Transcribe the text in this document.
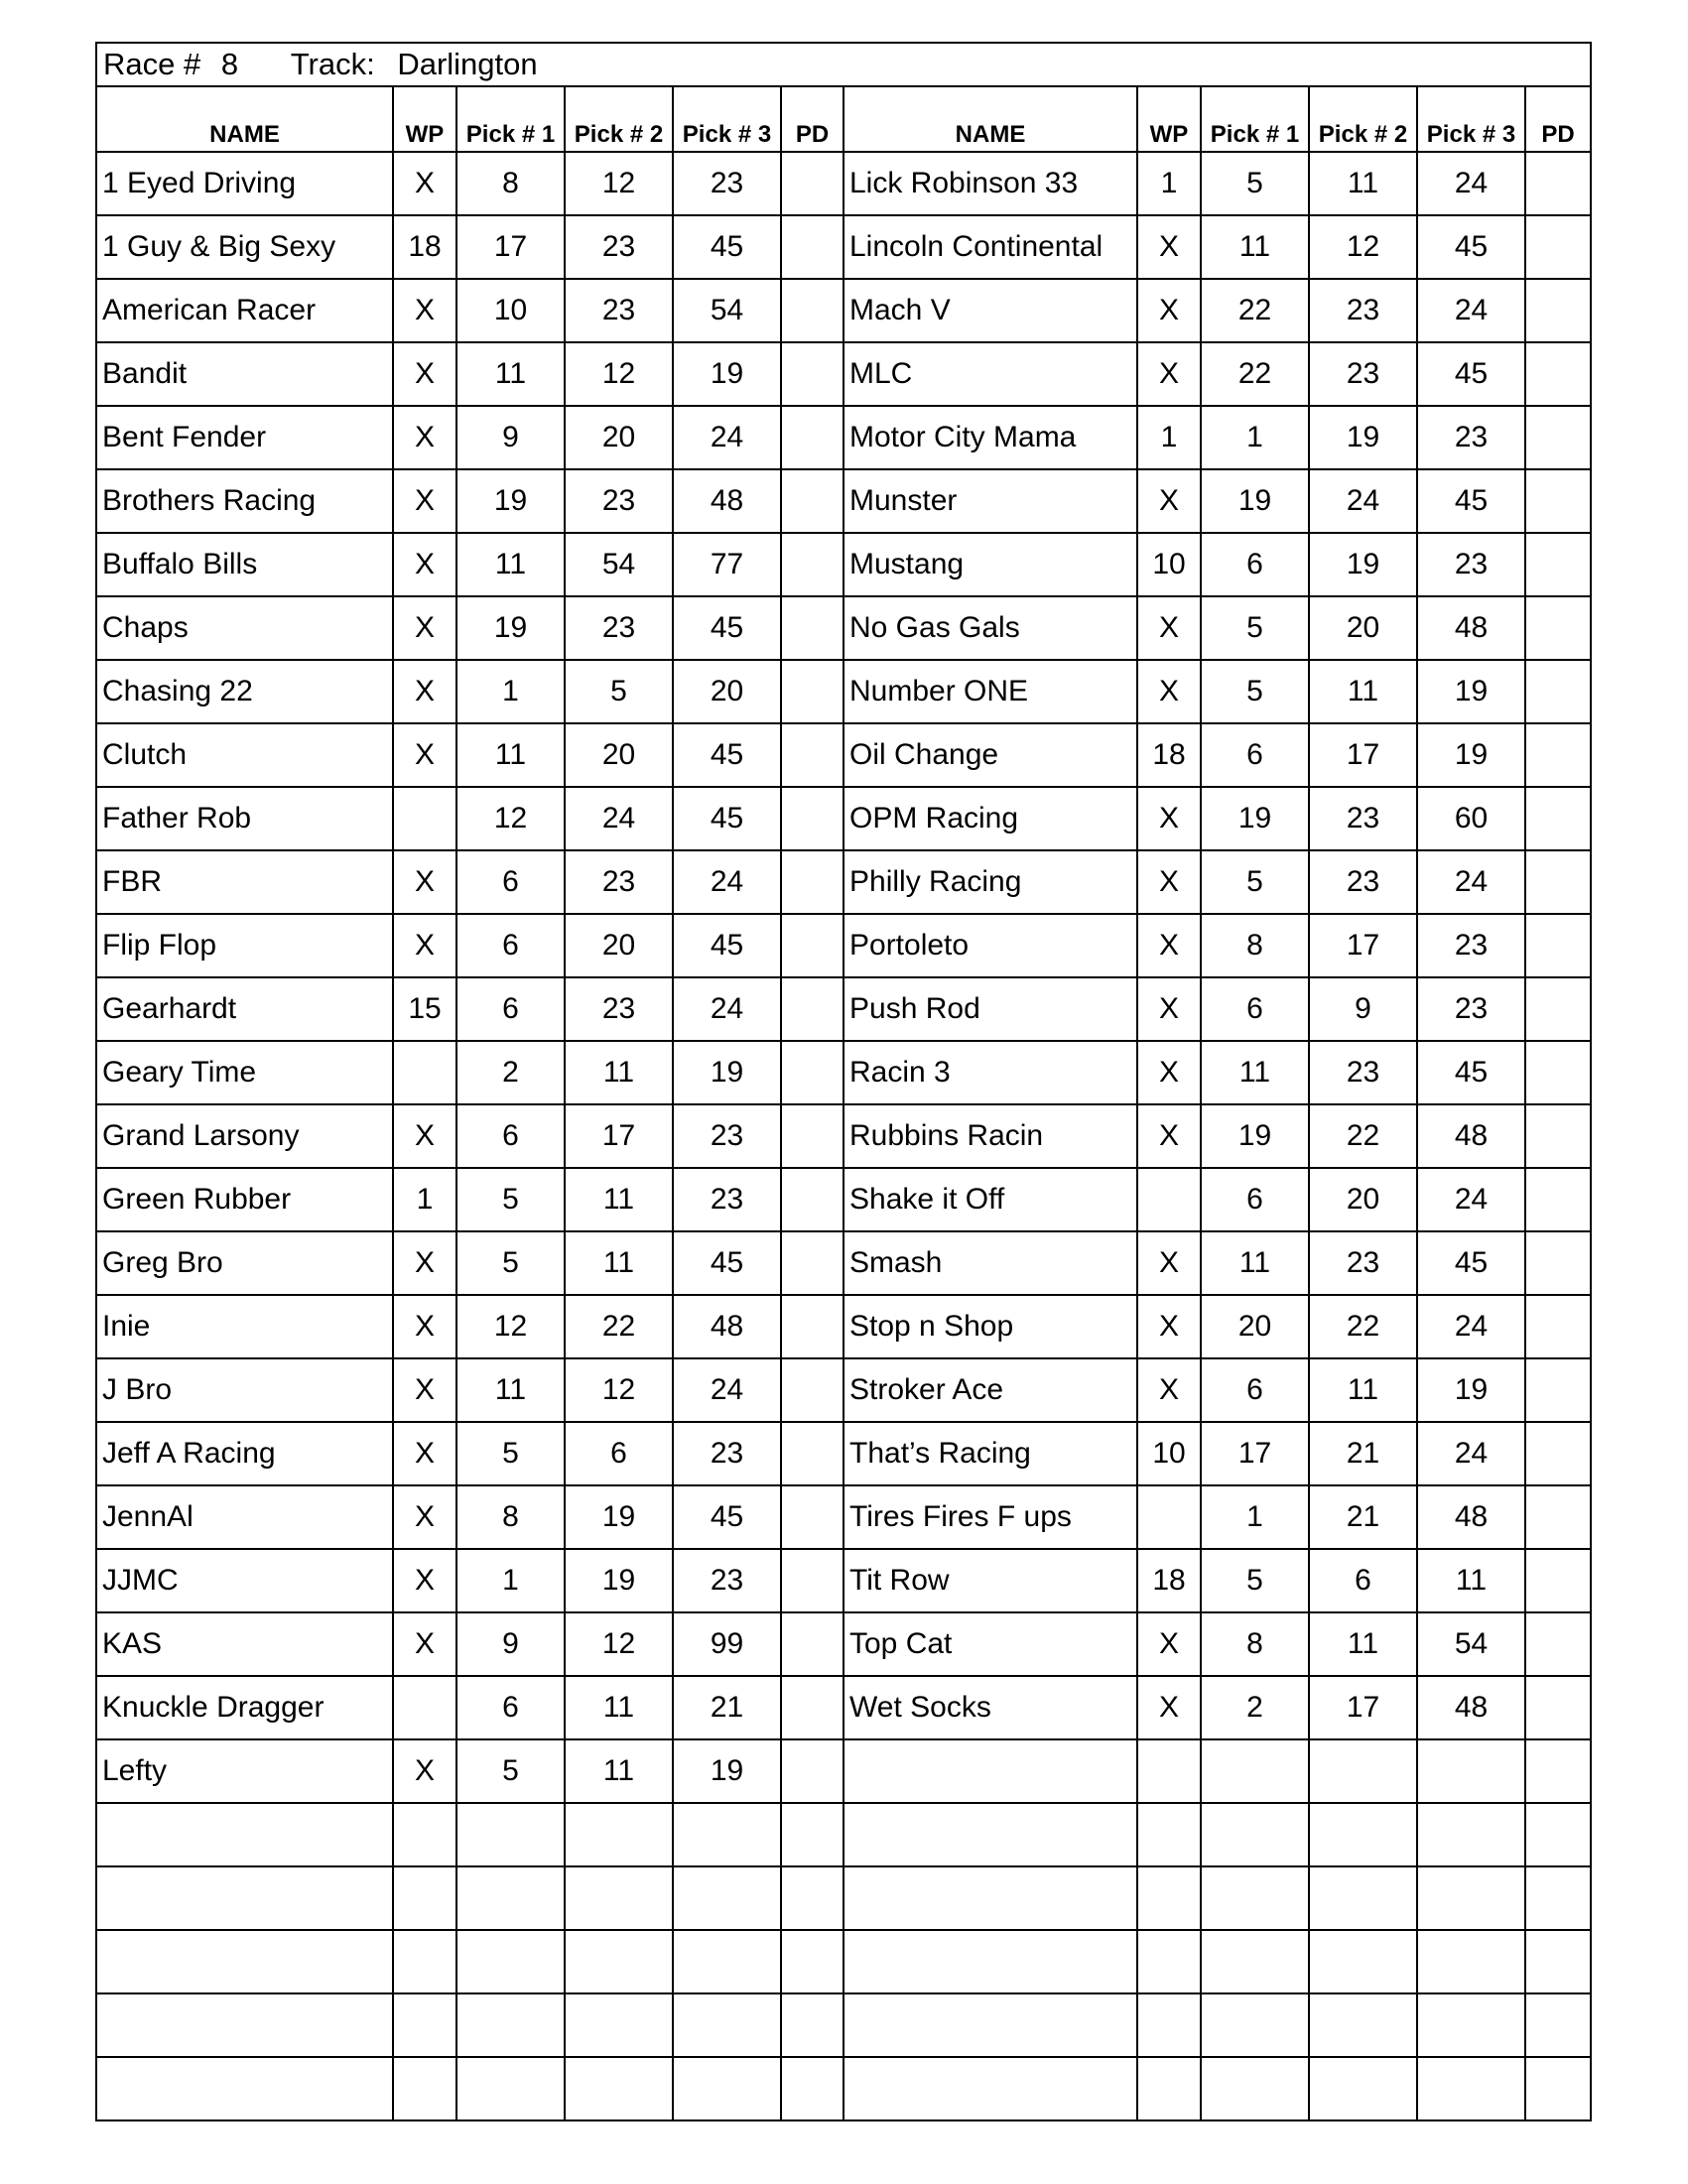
Race # 8 Track: Darlington											
NAME	WP	Pick # 1	Pick # 2	Pick # 3	PD	NAME	WP	Pick # 1	Pick # 2	Pick # 3	PD
1 Eyed Driving	X	8	12	23		Lick Robinson 33	1	5	11	24	
1 Guy & Big Sexy	18	17	23	45		Lincoln Continental	X	11	12	45	
American Racer	X	10	23	54		Mach V	X	22	23	24	
Bandit	X	11	12	19		MLC	X	22	23	45	
Bent Fender	X	9	20	24		Motor City Mama	1	1	19	23	
Brothers Racing	X	19	23	48		Munster	X	19	24	45	
Buffalo Bills	X	11	54	77		Mustang	10	6	19	23	
Chaps	X	19	23	45		No Gas Gals	X	5	20	48	
Chasing 22	X	1	5	20		Number ONE	X	5	11	19	
Clutch	X	11	20	45		Oil Change	18	6	17	19	
Father Rob		12	24	45		OPM Racing	X	19	23	60	
FBR	X	6	23	24		Philly Racing	X	5	23	24	
Flip Flop	X	6	20	45		Portoleto	X	8	17	23	
Gearhardt	15	6	23	24		Push Rod	X	6	9	23	
Geary Time		2	11	19		Racin 3	X	11	23	45	
Grand Larsony	X	6	17	23		Rubbins Racin	X	19	22	48	
Green Rubber	1	5	11	23		Shake it Off		6	20	24	
Greg Bro	X	5	11	45		Smash	X	11	23	45	
Inie	X	12	22	48		Stop n Shop	X	20	22	24	
J Bro	X	11	12	24		Stroker Ace	X	6	11	19	
Jeff A Racing	X	5	6	23		That’s Racing	10	17	21	24	
JennAl	X	8	19	45		Tires Fires F ups		1	21	48	
JJMC	X	1	19	23		Tit Row	18	5	6	11	
KAS	X	9	12	99		Top Cat	X	8	11	54	
Knuckle Dragger		6	11	21		Wet Socks	X	2	17	48	
Lefty	X	5	11	19							
